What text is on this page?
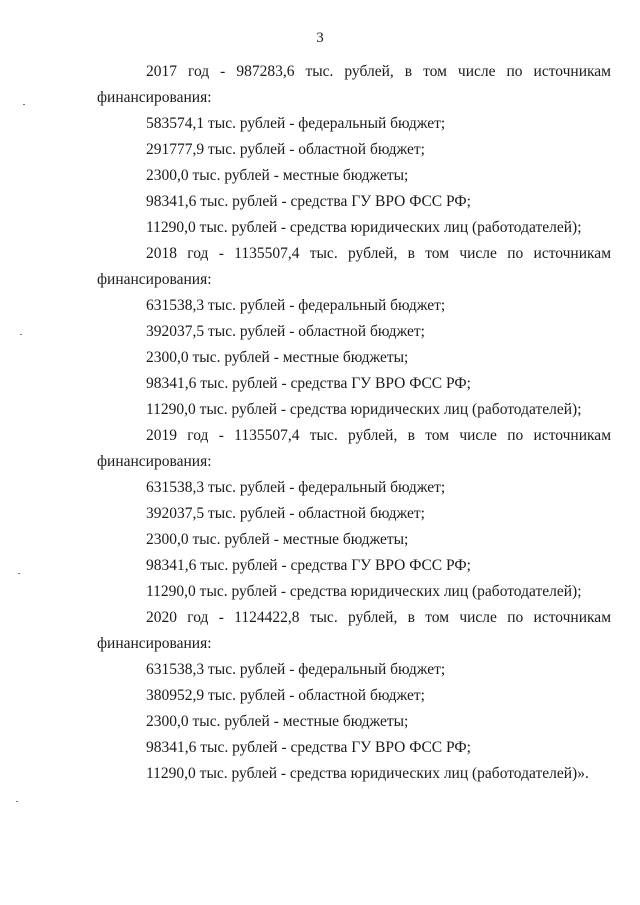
3
2017 год - 987283,6 тыс. рублей, в том числе по источникам
финансирования:
583574,1 тыс. рублей - федеральный бюджет;
291777,9 тыс. рублей - областной бюджет;
2300,0 тыс. рублей - местные бюджеты;
98341,6 тыс. рублей - средства ГУ ВРО ФСС РФ;
11290,0 тыс. рублей - средства юридических лиц (работодателей);
2018 год - 1135507,4 тыс. рублей, в том числе по источникам
финансирования:
631538,3 тыс. рублей - федеральный бюджет;
392037,5 тыс. рублей - областной бюджет;
2300,0 тыс. рублей - местные бюджеты;
98341,6 тыс. рублей - средства ГУ ВРО ФСС РФ;
11290,0 тыс. рублей - средства юридических лиц (работодателей);
2019 год - 1135507,4 тыс. рублей, в том числе по источникам
финансирования:
631538,3 тыс. рублей - федеральный бюджет;
392037,5 тыс. рублей - областной бюджет;
2300,0 тыс. рублей - местные бюджеты;
98341,6 тыс. рублей - средства ГУ ВРО ФСС РФ;
11290,0 тыс. рублей - средства юридических лиц (работодателей);
2020 год - 1124422,8 тыс. рублей, в том числе по источникам
финансирования:
631538,3 тыс. рублей - федеральный бюджет;
380952,9 тыс. рублей - областной бюджет;
2300,0 тыс. рублей - местные бюджеты;
98341,6 тыс. рублей - средства ГУ ВРО ФСС РФ;
11290,0 тыс. рублей - средства юридических лиц (работодателей)».
